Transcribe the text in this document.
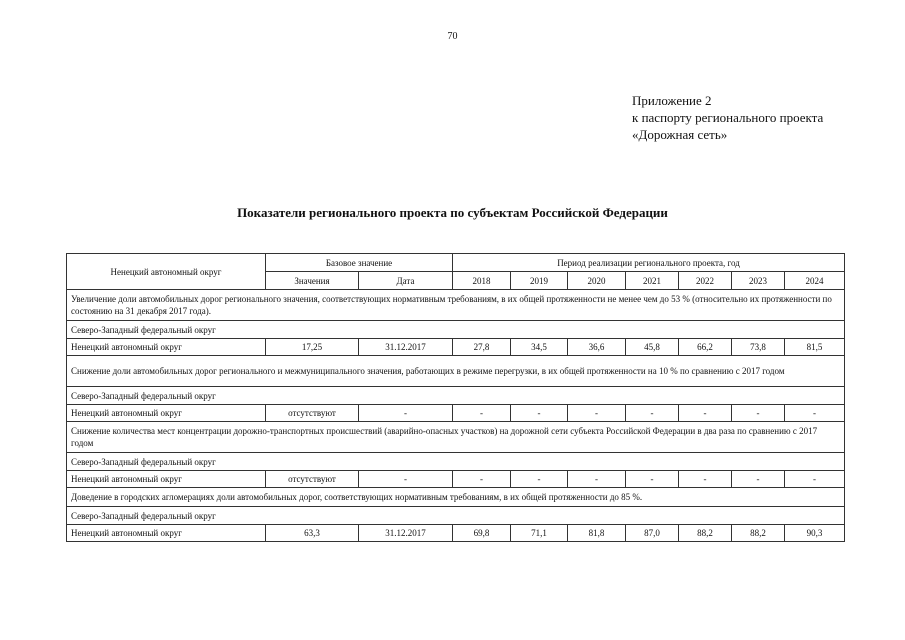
70
Приложение 2
к паспорту регионального проекта
«Дорожная сеть»
Показатели регионального проекта по субъектам Российской Федерации
Ненецкий автономный округ	Базовое значение		Период реализации регионального проекта, год						
	Значения	Дата	2018	2019	2020	2021	2022	2023	2024
Увеличение доли автомобильных дорог регионального значения, соответствующих нормативным требованиям, в их общей протяженности не менее чем до 53 % (относительно их протяженности по состоянию на 31 декабря 2017 года).									
Северо-Западный федеральный округ									
Ненецкий автономный округ	17,25	31.12.2017	27,8	34,5	36,6	45,8	66,2	73,8	81,5
Снижение доли автомобильных дорог регионального и межмуниципального значения, работающих в режиме перегрузки, в их общей протяженности на 10 % по сравнению с 2017 годом									
Северо-Западный федеральный округ									
Ненецкий автономный округ	отсутствуют	-	-	-	-	-	-	-	-
Снижение количества мест концентрации дорожно-транспортных происшествий (аварийно-опасных участков) на дорожной сети субъекта Российской Федерации в два раза по сравнению с 2017 годом									
Северо-Западный федеральный округ									
Ненецкий автономный округ	отсутствуют	-	-	-	-	-	-	-	-
Доведение в городских агломерациях доли автомобильных дорог, соответствующих нормативным требованиям, в их общей протяженности до 85 %.									
Северо-Западный федеральный округ									
Ненецкий автономный округ	63,3	31.12.2017	69,8	71,1	81,8	87,0	88,2	88,2	90,3
